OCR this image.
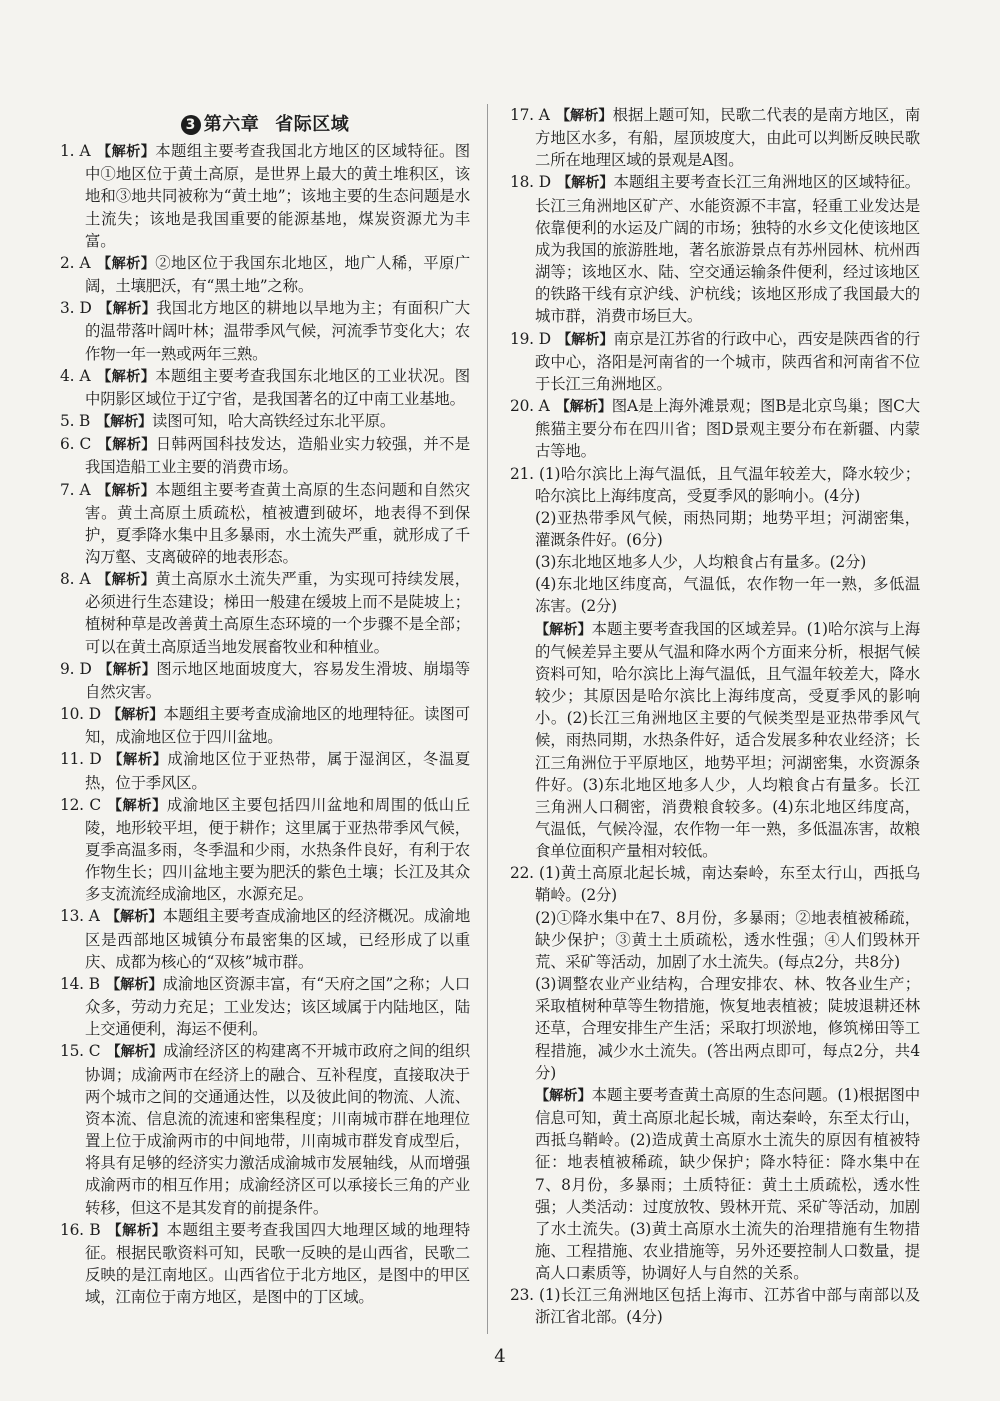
3 第六章 省际区域

1. A 【解析】本题组主要考查我国北方地区的区域特征。图中①地区位于黄土高原，是世界上最大的黄土堆积区，该地和③地共同被称为“黄土地”；该地主要的生态问题是水土流失；该地是我国重要的能源基地，煤炭资源尤为丰富。

2. A 【解析】②地区位于我国东北地区，地广人稀，平原广阔，土壤肥沃，有“黑土地”之称。

3. D 【解析】我国北方地区的耕地以旱地为主；有面积广大的温带落叶阔叶林；温带季风气候，河流季节变化大；农作物一年一熟或两年三熟。

4. A 【解析】本题组主要考查我国东北地区的工业状况。图中阴影区域位于辽宁省，是我国著名的辽中南工业基地。

5. B 【解析】读图可知，哈大高铁经过东北平原。

6. C 【解析】日韩两国科技发达，造船业实力较强，并不是我国造船工业主要的消费市场。

7. A 【解析】本题组主要考查黄土高原的生态问题和自然灾害。黄土高原土质疏松，植被遭到破坏，地表得不到保护，夏季降水集中且多暴雨，水土流失严重，就形成了千沟万壑、支离破碎的地表形态。

8. A 【解析】黄土高原水土流失严重，为实现可持续发展，必须进行生态建设；梯田一般建在缓坡上而不是陡坡上；植树种草是改善黄土高原生态环境的一个步骤不是全部；可以在黄土高原适当地发展畜牧业和种植业。

9. D 【解析】图示地区地面坡度大，容易发生滑坡、崩塌等自然灾害。

10. D 【解析】本题组主要考查成渝地区的地理特征。读图可知，成渝地区位于四川盆地。

11. D 【解析】成渝地区位于亚热带，属于湿润区，冬温夏热，位于季风区。

12. C 【解析】成渝地区主要包括四川盆地和周围的低山丘陵，地形较平坦，便于耕作；这里属于亚热带季风气候，夏季高温多雨，冬季温和少雨，水热条件良好，有利于农作物生长；四川盆地主要为肥沃的紫色土壤；长江及其众多支流流经成渝地区，水源充足。

13. A 【解析】本题组主要考查成渝地区的经济概况。成渝地区是西部地区城镇分布最密集的区域，已经形成了以重庆、成都为核心的“双核”城市群。

14. B 【解析】成渝地区资源丰富，有“天府之国”之称；人口众多，劳动力充足；工业发达；该区域属于内陆地区，陆上交通便利，海运不便利。

15. C 【解析】成渝经济区的构建离不开城市政府之间的组织协调；成渝两市在经济上的融合、互补程度，直接取决于两个城市之间的交通通达性，以及彼此间的物流、人流、资本流、信息流的流速和密集程度；川南城市群在地理位置上位于成渝两市的中间地带，川南城市群发育成型后，将具有足够的经济实力激活成渝城市发展轴线，从而增强成渝两市的相互作用；成渝经济区可以承接长三角的产业转移，但这不是其发育的前提条件。

16. B 【解析】本题组主要考查我国四大地理区域的地理特征。根据民歌资料可知，民歌一反映的是山西省，民歌二反映的是江南地区。山西省位于北方地区，是图中的甲区域，江南位于南方地区，是图中的丁区域。

17. A 【解析】根据上题可知，民歌二代表的是南方地区，南方地区水多，有船，屋顶坡度大，由此可以判断反映民歌二所在地理区域的景观是A图。

18. D 【解析】本题组主要考查长江三角洲地区的区域特征。长江三角洲地区矿产、水能资源不丰富，轻重工业发达是依靠便利的水运及广阔的市场；独特的水乡文化使该地区成为我国的旅游胜地，著名旅游景点有苏州园林、杭州西湖等；该地区水、陆、空交通运输条件便利，经过该地区的铁路干线有京沪线、沪杭线；该地区形成了我国最大的城市群，消费市场巨大。

19. D 【解析】南京是江苏省的行政中心，西安是陕西省的行政中心，洛阳是河南省的一个城市，陕西省和河南省不位于长江三角洲地区。

20. A 【解析】图A是上海外滩景观；图B是北京鸟巢；图C大熊猫主要分布在四川省；图D景观主要分布在新疆、内蒙古等地。

21. (1)哈尔滨比上海气温低，且气温年较差大，降水较少；哈尔滨比上海纬度高，受夏季风的影响小。(4分)

(2)亚热带季风气候，雨热同期；地势平坦；河湖密集，灌溉条件好。(6分)

(3)东北地区地多人少，人均粮食占有量多。(2分)

(4)东北地区纬度高，气温低，农作物一年一熟，多低温冻害。(2分)

【解析】本题主要考查我国的区域差异。(1)哈尔滨与上海的气候差异主要从气温和降水两个方面来分析，根据气候资料可知，哈尔滨比上海气温低，且气温年较差大，降水较少；其原因是哈尔滨比上海纬度高，受夏季风的影响小。(2)长江三角洲地区主要的气候类型是亚热带季风气候，雨热同期，水热条件好，适合发展多种农业经济；长江三角洲位于平原地区，地势平坦；河湖密集，水资源条件好。(3)东北地区地多人少，人均粮食占有量多。长江三角洲人口稠密，消费粮食较多。(4)东北地区纬度高，气温低，气候冷湿，农作物一年一熟，多低温冻害，故粮食单位面积产量相对较低。

22. (1)黄土高原北起长城，南达秦岭，东至太行山，西抵乌鞘岭。(2分)

(2)①降水集中在7、8月份，多暴雨；②地表植被稀疏，缺少保护；③黄土土质疏松，透水性强；④人们毁林开荒、采矿等活动，加剧了水土流失。(每点2分，共8分)

(3)调整农业产业结构，合理安排农、林、牧各业生产；采取植树种草等生物措施，恢复地表植被；陡坡退耕还林还草，合理安排生产生活；采取打坝淤地，修筑梯田等工程措施，减少水土流失。(答出两点即可，每点2分，共4分)

【解析】本题主要考查黄土高原的生态问题。(1)根据图中信息可知，黄土高原北起长城，南达秦岭，东至太行山，西抵乌鞘岭。(2)造成黄土高原水土流失的原因有植被特征：地表植被稀疏，缺少保护；降水特征：降水集中在7、8月份，多暴雨；土质特征：黄土土质疏松，透水性强；人类活动：过度放牧、毁林开荒、采矿等活动，加剧了水土流失。(3)黄土高原水土流失的治理措施有生物措施、工程措施、农业措施等，另外还要控制人口数量，提高人口素质等，协调好人与自然的关系。

23. (1)长江三角洲地区包括上海市、江苏省中部与南部以及浙江省北部。(4分)

4
